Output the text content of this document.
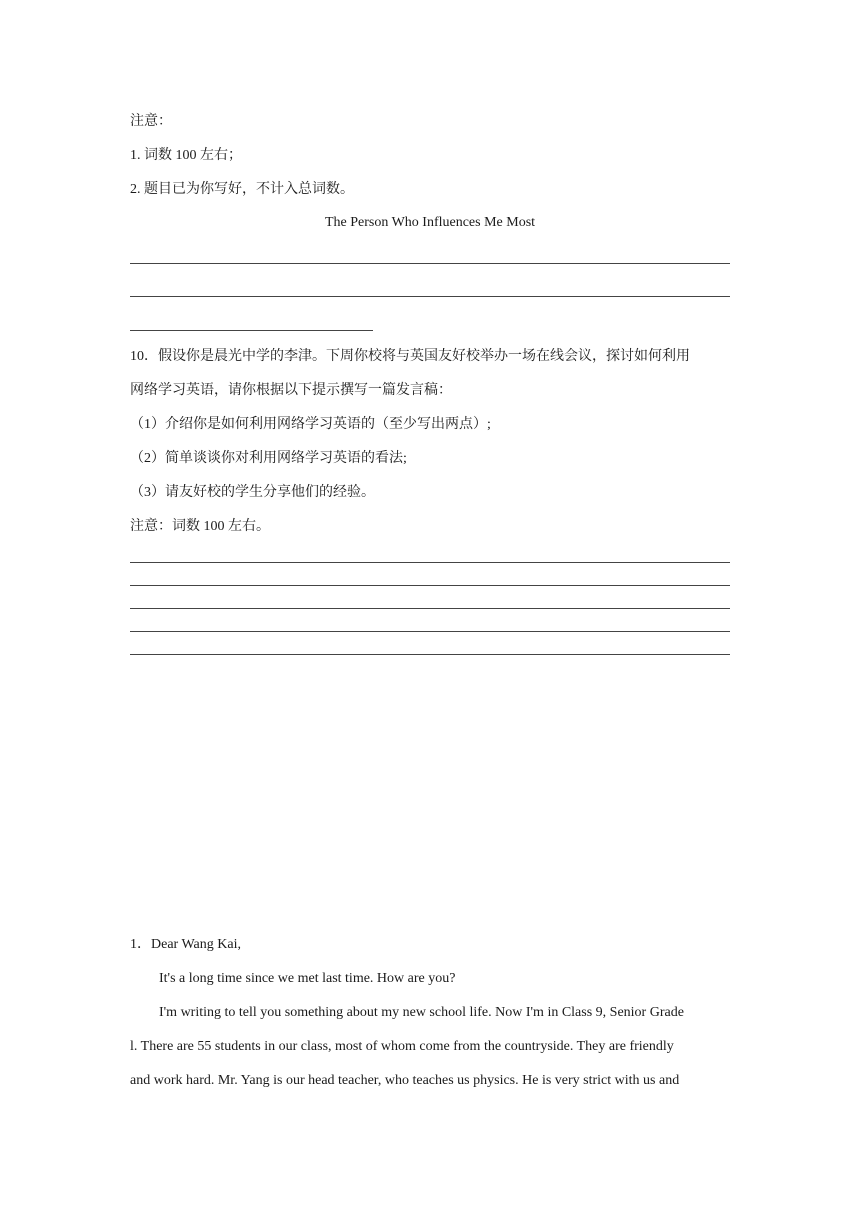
注意：
1. 词数 100 左右；
2. 题目已为你写好，不计入总词数。
The Person Who Influences Me Most
10．假设你是晨光中学的李津。下周你校将与英国友好校举办一场在线会议，探讨如何利用
网络学习英语，请你根据以下提示撰写一篇发言稿：
（1）介绍你是如何利用网络学习英语的（至少写出两点）;
（2）简单谈谈你对利用网络学习英语的看法;
（3）请友好校的学生分享他们的经验。
注意：词数 100 左右。
1．Dear Wang Kai,
It's a long time since we met last time. How are you?
I'm writing to tell you something about my new school life. Now I'm in Class 9, Senior Grade
l. There are 55 students in our class, most of whom come from the countryside. They are friendly
and work hard. Mr. Yang is our head teacher, who teaches us physics. He is very strict with us and
